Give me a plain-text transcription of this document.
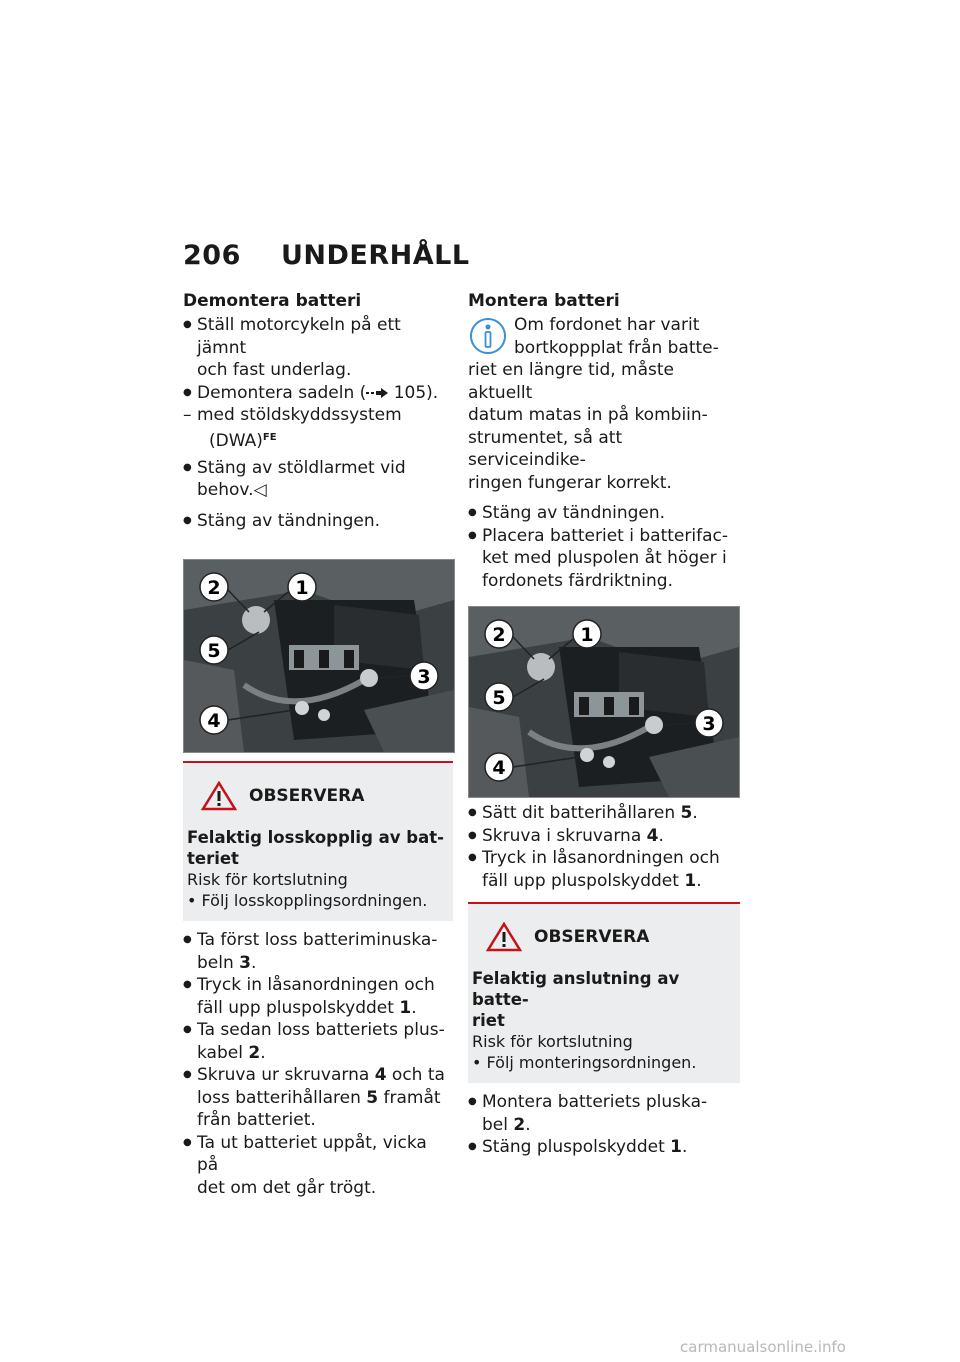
206 UNDERHÅLL
Demontera batteri
● Ställ motorcykeln på ett jämnt
och fast underlag.
● Demontera sadeln ( 105).
– med stöldskyddssystem
(DWA)$^{FE}$
● Stäng av stöldlarmet vid
behov.◁
● Stäng av tändningen.
2	1
5
3
4
OBSERVERA
Felaktig losskopplig av bat-
teriet
Risk för kortslutning
• Följ losskopplingsordningen.
● Ta först loss batteriminuska-
beln 3.
● Tryck in låsanordningen och
fäll upp pluspolskyddet 1.
● Ta sedan loss batteriets plus-
kabel 2.
● Skruva ur skruvarna 4 och ta
loss batterihållaren 5 framåt
från batteriet.
● Ta ut batteriet uppåt, vicka på
det om det går trögt.
Montera batteri
Om fordonet har varit
bortkoppplat från batte-
riet en längre tid, måste aktuellt
datum matas in på kombiin-
strumentet, så att serviceindike-
ringen fungerar korrekt.
● Stäng av tändningen.
● Placera batteriet i batterifac-
ket med pluspolen åt höger i
fordonets färdriktning.
2	1
5
3
4
● Sätt dit batterihållaren 5.
● Skruva i skruvarna 4.
● Tryck in låsanordningen och
fäll upp pluspolskyddet 1.
OBSERVERA
Felaktig anslutning av batte-
riet
Risk för kortslutning
• Följ monteringsordningen.
● Montera batteriets pluska-
bel 2.
● Stäng pluspolskyddet 1.
carmanualsonline.info
